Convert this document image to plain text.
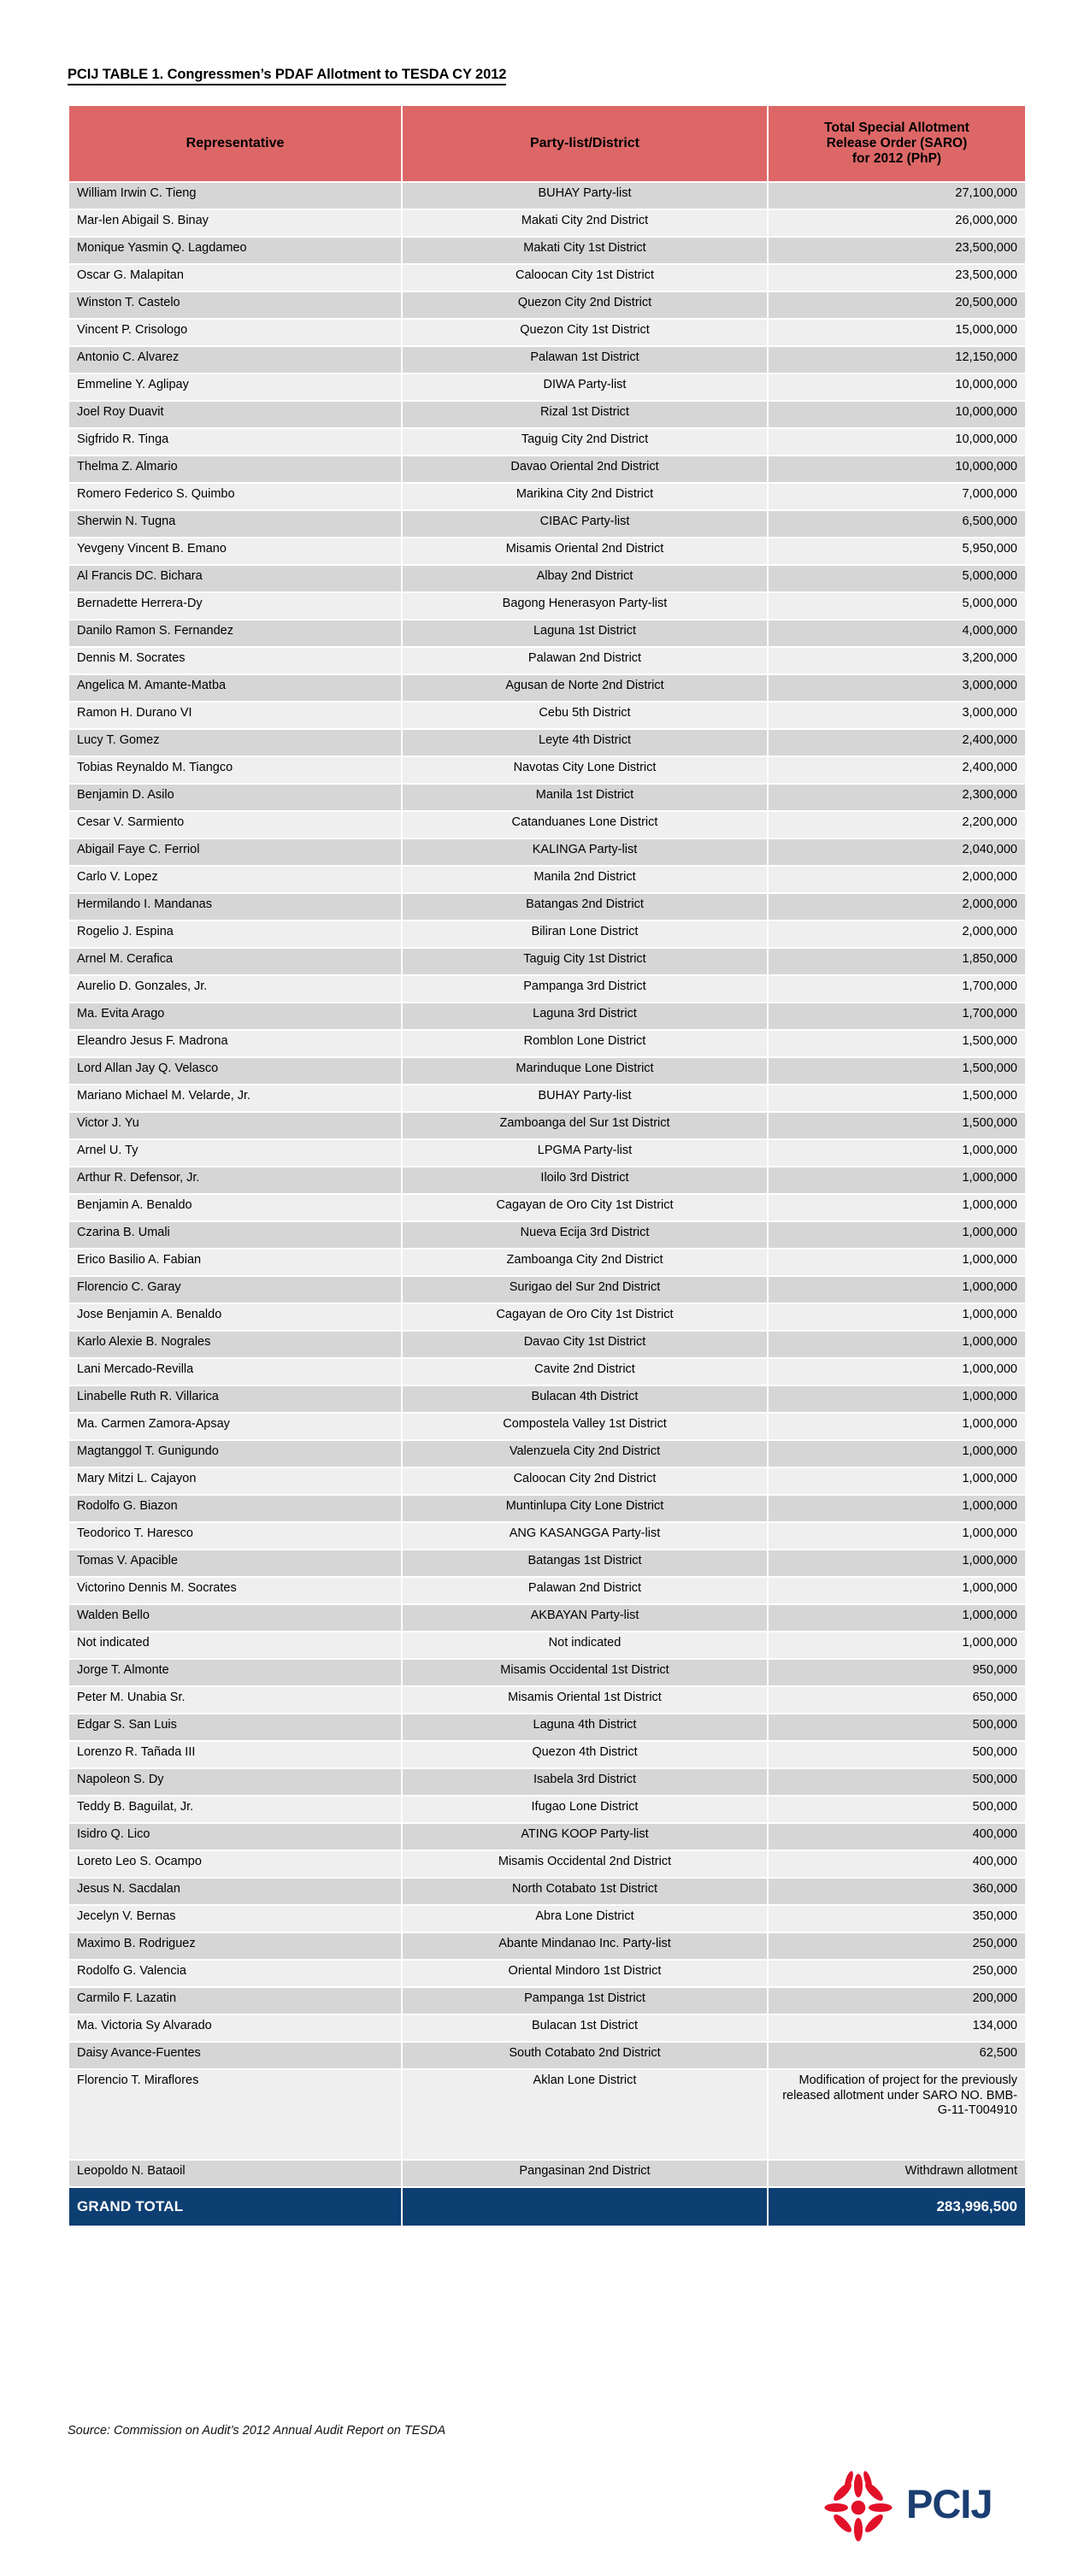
PCIJ TABLE 1. Congressmen’s PDAF Allotment to TESDA CY 2012
Representative	Party-list/District	Total Special Allotment
Release Order (SARO)
for 2012 (PhP)

William Irwin C. Tieng	BUHAY Party-list	27,100,000
Mar-len Abigail S. Binay	Makati City 2nd District	26,000,000
Monique Yasmin Q. Lagdameo	Makati City 1st District	23,500,000
Oscar G. Malapitan	Caloocan City 1st District	23,500,000
Winston T. Castelo	Quezon City 2nd District	20,500,000
Vincent P. Crisologo	Quezon City 1st District	15,000,000
Antonio C. Alvarez	Palawan 1st District	12,150,000
Emmeline Y. Aglipay	DIWA Party-list	10,000,000
Joel Roy Duavit	Rizal 1st District	10,000,000
Sigfrido R. Tinga	Taguig City 2nd District	10,000,000
Thelma Z. Almario	Davao Oriental 2nd District	10,000,000
Romero Federico S. Quimbo	Marikina City 2nd District	7,000,000
Sherwin N. Tugna	CIBAC Party-list	6,500,000
Yevgeny Vincent B. Emano	Misamis Oriental 2nd District	5,950,000
Al Francis DC. Bichara	Albay 2nd District	5,000,000
Bernadette Herrera-Dy	Bagong Henerasyon Party-list	5,000,000
Danilo Ramon S. Fernandez	Laguna 1st District	4,000,000
Dennis M. Socrates	Palawan 2nd District	3,200,000
Angelica M. Amante-Matba	Agusan de Norte 2nd District	3,000,000
Ramon H. Durano VI	Cebu 5th District	3,000,000
Lucy T. Gomez	Leyte 4th District	2,400,000
Tobias Reynaldo M. Tiangco	Navotas City Lone District	2,400,000
Benjamin D. Asilo	Manila 1st District	2,300,000
Cesar V. Sarmiento	Catanduanes Lone District	2,200,000
Abigail Faye C. Ferriol	KALINGA Party-list	2,040,000
Carlo V. Lopez	Manila 2nd District	2,000,000
Hermilando I. Mandanas	Batangas 2nd District	2,000,000
Rogelio J. Espina	Biliran Lone District	2,000,000
Arnel M. Cerafica	Taguig City 1st District	1,850,000
Aurelio D. Gonzales, Jr.	Pampanga 3rd District	1,700,000
Ma. Evita Arago	Laguna 3rd District	1,700,000
Eleandro Jesus F. Madrona	Romblon Lone District	1,500,000
Lord Allan Jay Q. Velasco	Marinduque Lone District	1,500,000
Mariano Michael M. Velarde, Jr.	BUHAY Party-list	1,500,000
Victor J. Yu	Zamboanga del Sur 1st District	1,500,000
Arnel U. Ty	LPGMA Party-list	1,000,000
Arthur R. Defensor, Jr.	Iloilo 3rd District	1,000,000
Benjamin A. Benaldo	Cagayan de Oro City 1st District	1,000,000
Czarina B. Umali	Nueva Ecija 3rd District	1,000,000
Erico Basilio A. Fabian	Zamboanga City 2nd District	1,000,000
Florencio C. Garay	Surigao del Sur 2nd District	1,000,000
Jose Benjamin A. Benaldo	Cagayan de Oro City 1st District	1,000,000
Karlo Alexie B. Nograles	Davao City 1st District	1,000,000
Lani Mercado-Revilla	Cavite 2nd District	1,000,000
Linabelle Ruth R. Villarica	Bulacan 4th District	1,000,000
Ma. Carmen Zamora-Apsay	Compostela Valley 1st District	1,000,000
Magtanggol T. Gunigundo	Valenzuela City 2nd District	1,000,000
Mary Mitzi L. Cajayon	Caloocan City 2nd District	1,000,000
Rodolfo G. Biazon	Muntinlupa City Lone District	1,000,000
Teodorico T. Haresco	ANG KASANGGA Party-list	1,000,000
Tomas V. Apacible	Batangas 1st District	1,000,000
Victorino Dennis M. Socrates	Palawan 2nd District	1,000,000
Walden Bello	AKBAYAN Party-list	1,000,000
Not indicated	Not indicated	1,000,000
Jorge T. Almonte	Misamis Occidental 1st District	950,000
Peter M. Unabia Sr.	Misamis Oriental 1st District	650,000
Edgar S. San Luis	Laguna 4th District	500,000
Lorenzo R. Tañada III	Quezon 4th District	500,000
Napoleon S. Dy	Isabela 3rd District	500,000
Teddy B. Baguilat, Jr.	Ifugao Lone District	500,000
Isidro Q. Lico	ATING KOOP Party-list	400,000
Loreto Leo S. Ocampo	Misamis Occidental 2nd District	400,000
Jesus N. Sacdalan	North Cotabato 1st District	360,000
Jecelyn V. Bernas	Abra Lone District	350,000
Maximo B. Rodriguez	Abante Mindanao Inc. Party-list	250,000
Rodolfo G. Valencia	Oriental Mindoro 1st District	250,000
Carmilo F. Lazatin	Pampanga 1st District	200,000
Ma. Victoria Sy Alvarado	Bulacan 1st District	134,000
Daisy Avance-Fuentes	South Cotabato 2nd District	62,500
Florencio T. Miraflores	Aklan Lone District	Modification of project for the previously released allotment under SARO NO. BMB-G-11-T004910
Leopoldo N. Bataoil	Pangasinan 2nd District	Withdrawn allotment
GRAND TOTAL		283,996,500
Source: Commission on Audit’s 2012 Annual Audit Report on TESDA
PCIJ
